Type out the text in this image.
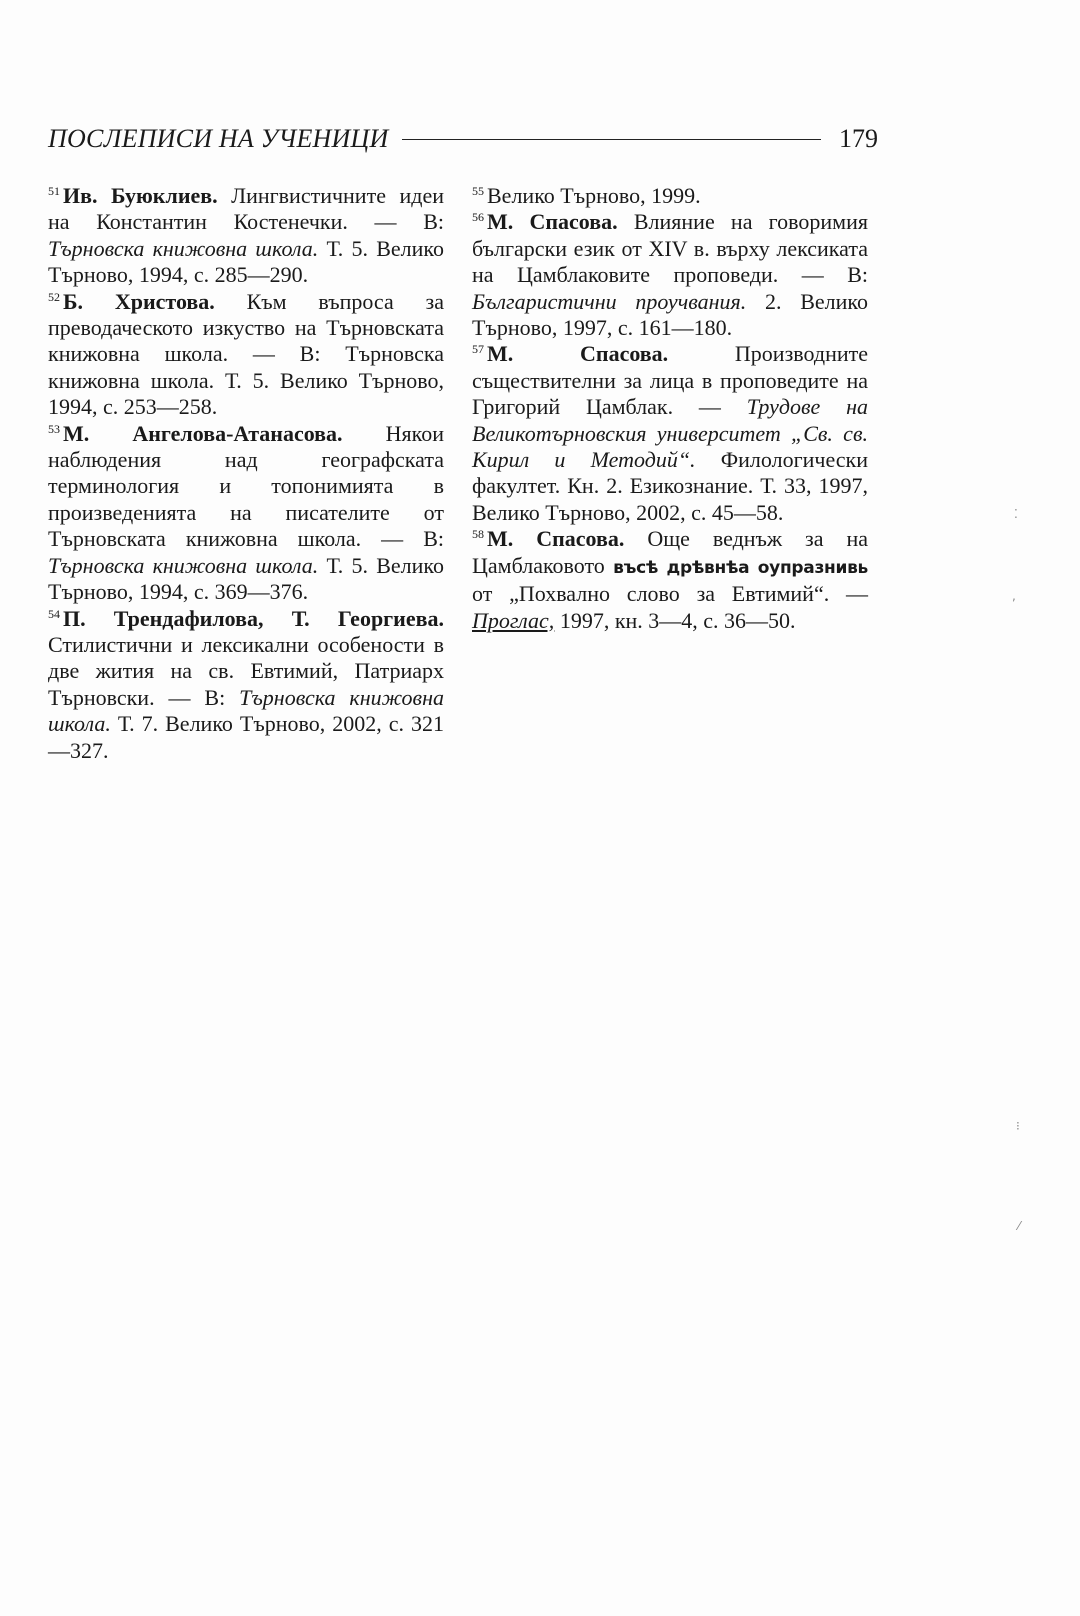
ПОСЛЕПИСИ НА УЧЕНИЦИ	179

$^{51}$ Ив. Буюклиев. Лингвистичните идеи на Константин Костенечки. — В: Търновска книжовна школа. Т. 5. Велико Търново, 1994, с. 285—290.

$^{52}$ Б. Христова. Към въпроса за преводаческото изкуство на Търновската книжовна школа. — В: Търновска книжовна школа. Т. 5. Велико Търново, 1994, с. 253—258.

$^{53}$ М. Ангелова-Атанасова. Някои наблюдения над географската терминология и топонимията в произведенията на писателите от Търновската книжовна школа. — В: Търновска книжовна школа. Т. 5. Велико Търново, 1994, с. 369—376.

$^{54}$ П. Трендафилова, Т. Георгиева. Стилистични и лексикални особености в две жития на св. Евтимий, Патриарх Търновски. — В: Търновска книжовна школа. Т. 7. Велико Търново, 2002, с. 321—327.

$^{55}$ Велико Търново, 1999.

$^{56}$ М. Спасова. Влияние на говоримия български език от XIV в. върху лексиката на Цамблаковите проповеди. — В: Българистични проучвания. 2. Велико Търново, 1997, с. 161—180.

$^{57}$ М. Спасова. Производните съществителни за лица в проповедите на Григорий Цамблак. — Трудове на Великотърновския университет „Св. св. Кирил и Методий“. Филологически факултет. Кн. 2. Езикознание. Т. 33, 1997, Велико Търново, 2002, с. 45—58.

$^{58}$ М. Спасова. Още веднъж за на Цамблаковото въсѣ дрѣвнѣа оупразнивь от „Похвално слово за Евтимий“. — Проглас, 1997, кн. 3—4, с. 36—50.

⁚
,
⁝
⁄
